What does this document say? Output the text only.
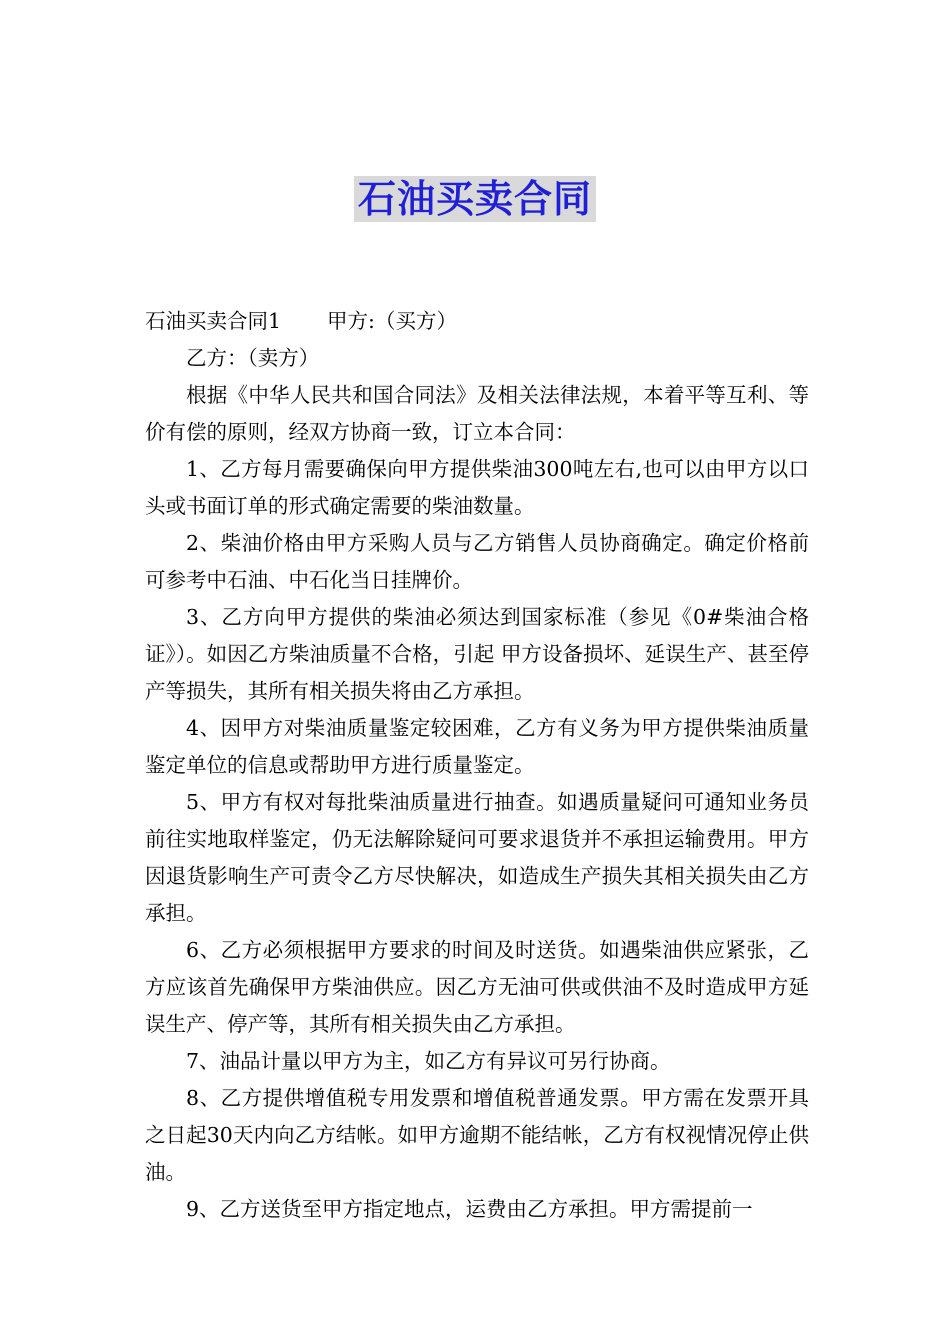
石油买卖合同

石油买卖合同1 甲方:（买方）

乙方：（卖方）

根据《中华人民共和国合同法》及相关法律法规，本着平等互利、等价有偿的原则，经双方协商一致，订立本合同：

1、乙方每月需要确保向甲方提供柴油300吨左右,也可以由甲方以口头或书面订单的形式确定需要的柴油数量。

2、柴油价格由甲方采购人员与乙方销售人员协商确定。确定价格前可参考中石油、中石化当日挂牌价。

3、乙方向甲方提供的柴油必须达到国家标准（参见《0#柴油合格证》）。如因乙方柴油质量不合格，引起 甲方设备损坏、延误生产、甚至停产等损失，其所有相关损失将由乙方承担。

4、因甲方对柴油质量鉴定较困难，乙方有义务为甲方提供柴油质量鉴定单位的信息或帮助甲方进行质量鉴定。

5、甲方有权对每批柴油质量进行抽查。如遇质量疑问可通知业务员前往实地取样鉴定，仍无法解除疑问可要求退货并不承担运输费用。甲方因退货影响生产可责令乙方尽快解决，如造成生产损失其相关损失由乙方承担。

6、乙方必须根据甲方要求的时间及时送货。如遇柴油供应紧张，乙方应该首先确保甲方柴油供应。因乙方无油可供或供油不及时造成甲方延误生产、停产等，其所有相关损失由乙方承担。

7、油品计量以甲方为主，如乙方有异议可另行协商。

8、乙方提供增值税专用发票和增值税普通发票。甲方需在发票开具之日起30天内向乙方结帐。如甲方逾期不能结帐，乙方有权视情况停止供油。

9、乙方送货至甲方指定地点，运费由乙方承担。甲方需提前一
